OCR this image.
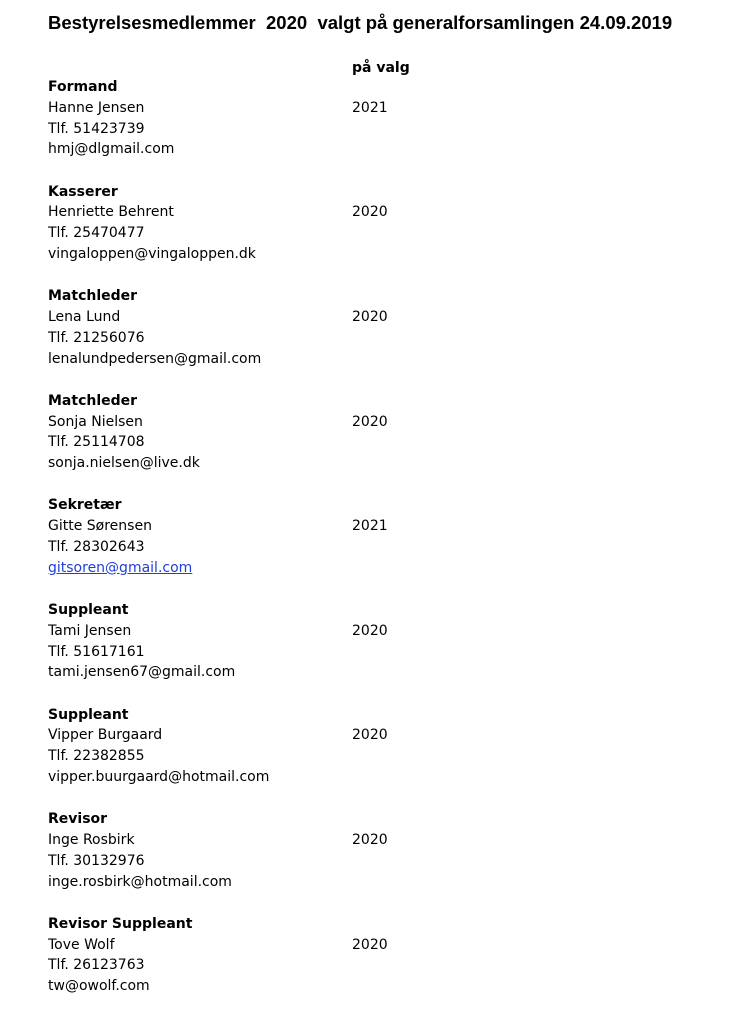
Bestyrelsesmedlemmer  2020  valgt på generalforsamlingen 24.09.2019
på valg
Formand
Hanne Jensen	2021
Tlf. 51423739
hmj@dlgmail.com
Kasserer
Henriette Behrent	2020
Tlf. 25470477
vingaloppen@vingaloppen.dk
Matchleder
Lena Lund	2020
Tlf. 21256076
lenalundpedersen@gmail.com
Matchleder
Sonja Nielsen	2020
Tlf. 25114708
sonja.nielsen@live.dk
Sekretær
Gitte Sørensen	2021
Tlf. 28302643
gitsoren@gmail.com
Suppleant
Tami Jensen	2020
Tlf. 51617161
tami.jensen67@gmail.com
Suppleant
Vipper Burgaard	2020
Tlf. 22382855
vipper.buurgaard@hotmail.com
Revisor
Inge Rosbirk	2020
Tlf. 30132976
inge.rosbirk@hotmail.com
Revisor Suppleant
Tove Wolf	2020
Tlf. 26123763
tw@owolf.com
